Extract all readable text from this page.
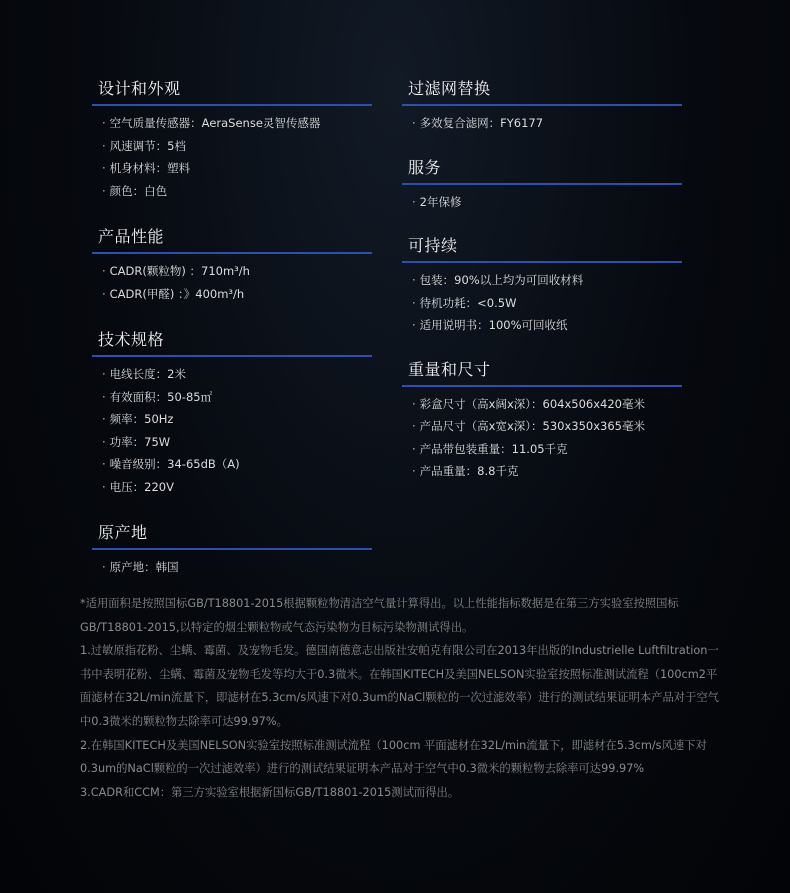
设计和外观
· 空气质量传感器：AeraSense灵智传感器
· 风速调节：5档
· 机身材料：塑料
· 颜色：白色
产品性能
· CADR(颗粒物) ：710m³/h
· CADR(甲醛) ：》400m³/h
技术规格
· 电线长度：2米
· 有效面积：50-85㎡
· 频率：50Hz
· 功率：75W
· 噪音级别：34-65dB（A)
· 电压：220V
原产地
· 原产地：韩国
过滤网替换
· 多效复合滤网：FY6177
服务
· 2年保修
可持续
· 包装：90%以上均为可回收材料
· 待机功耗：<0.5W
· 适用说明书：100%可回收纸
重量和尺寸
· 彩盒尺寸（高x阔x深）：604x506x420毫米
· 产品尺寸（高x宽x深）：530x350x365毫米
· 产品带包装重量：11.05千克
· 产品重量：8.8千克

*适用面积是按照国标GB/T18801-2015根据颗粒物清洁空气量计算得出。以上性能指标数据是在第三方实验室按照国标GB/T18801-2015,以特定的烟尘颗粒物或气态污染物为目标污染物测试得出。

1.过敏原指花粉、尘螨、霉菌、及宠物毛发。德国南德意志出版社安帕克有限公司在2013年出版的Industrielle Luftfiltration一书中表明花粉、尘螨、霉菌及宠物毛发等均大于0.3微米。在韩国KITECH及美国NELSON实验室按照标准测试流程（100cm2平面滤材在32L/min流量下，即滤材在5.3cm/s风速下对0.3um的NaCl颗粒的一次过滤效率）进行的测试结果证明本产品对于空气中0.3微米的颗粒物去除率可达99.97%。

2.在韩国KITECH及美国NELSON实验室按照标准测试流程（100cm 平面滤材在32L/min流量下，即滤材在5.3cm/s风速下对0.3um的NaCl颗粒的一次过滤效率）进行的测试结果证明本产品对于空气中0.3微米的颗粒物去除率可达99.97%

3.CADR和CCM：第三方实验室根据新国标GB/T18801-2015测试而得出。
